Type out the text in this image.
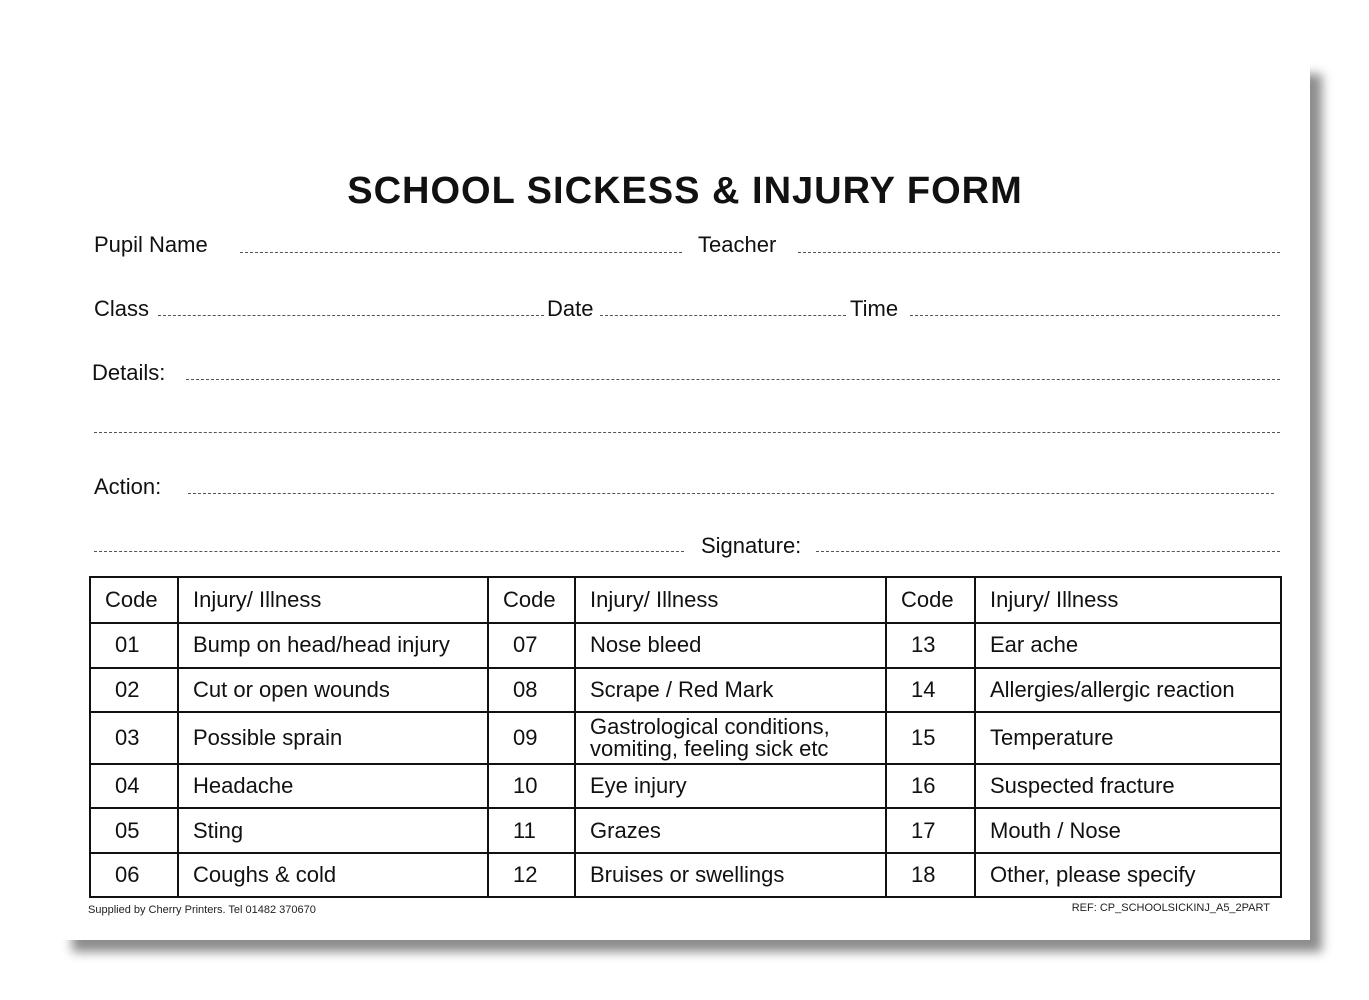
SCHOOL SICKESS & INJURY FORM
Pupil Name	Teacher
Class	Date	Time
Details:
Action:
Signature:
Code	Injury/ Illness	Code	Injury/ Illness	Code	Injury/ Illness
01	Bump on head/head injury	07	Nose bleed	13	Ear ache
02	Cut or open wounds	08	Scrape / Red Mark	14	Allergies/allergic reaction
03	Possible sprain	09	Gastrological conditions, vomiting, feeling sick etc	15	Temperature
04	Headache	10	Eye injury	16	Suspected fracture
05	Sting	11	Grazes	17	Mouth / Nose
06	Coughs & cold	12	Bruises or swellings	18	Other, please specify
Supplied by Cherry Printers. Tel 01482 370670	REF: CP_SCHOOLSICKINJ_A5_2PART
